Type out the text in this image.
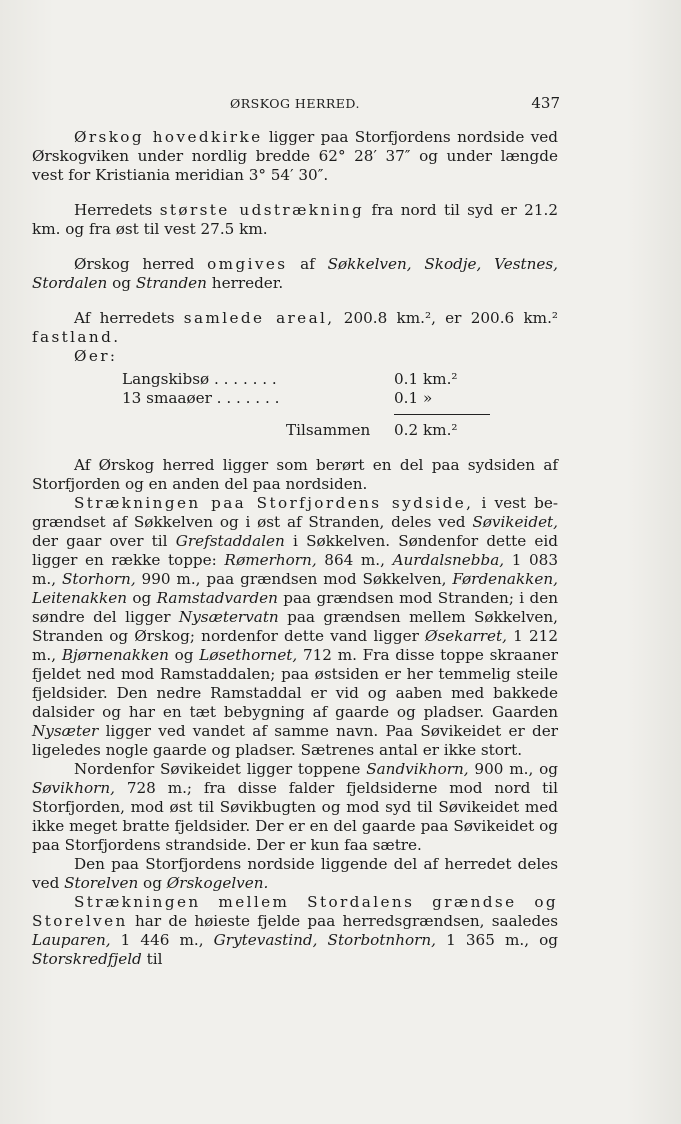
ØRSKOG HERRED.	437

Ørskog hovedkirke ligger paa Storfjordens nordside ved Ørskogviken under nordlig bredde 62° 28′ 37″ og under længde vest for Kristiania meridian 3° 54′ 30″.

Herredets største udstrækning fra nord til syd er 21.2 km. og fra øst til vest 27.5 km.

Ørskog herred omgives af Søkkelven, Skodje, Vestnes, Stordalen og Stranden herreder.

Af herredets samlede areal, 200.8 km.², er 200.6 km.² fastland.

Øer:

Langskibsø . . . . . . .	0.1 km.²
13 smaaøer . . . . . . .	0.1 »
Tilsammen 0.2 km.²

Af Ørskog herred ligger som berørt en del paa sydsiden af Storfjorden og en anden del paa nordsiden.

Strækningen paa Storfjordens sydside, i vest begrændset af Søkkelven og i øst af Stranden, deles ved Søvikeidet, der gaar over til Grefstaddalen i Søkkelven. Søndenfor dette eid ligger en række toppe: Rømerhorn, 864 m., Aurdalsnebba, 1 083 m., Storhorn, 990 m., paa grændsen mod Søkkelven, Førdenakken, Leitenakken og Ramstadvarden paa grændsen mod Stranden; i den søndre del ligger Nysætervatn paa grændsen mellem Søkkelven, Stranden og Ørskog; nordenfor dette vand ligger Øsekarret, 1 212 m., Bjørnenakken og Løsethornet, 712 m. Fra disse toppe skraaner fjeldet ned mod Ramstaddalen; paa østsiden er her temmelig steile fjeldsider. Den nedre Ramstaddal er vid og aaben med bakkede dalsider og har en tæt bebygning af gaarde og pladser. Gaarden Nysæter ligger ved vandet af samme navn. Paa Søvikeidet er der ligeledes nogle gaarde og pladser. Sætrenes antal er ikke stort.

Nordenfor Søvikeidet ligger toppene Sandvikhorn, 900 m., og Søvikhorn, 728 m.; fra disse falder fjeldsiderne mod nord til Storfjorden, mod øst til Søvikbugten og mod syd til Søvikeidet med ikke meget bratte fjeldsider. Der er en del gaarde paa Søvikeidet og paa Storfjordens strandside. Der er kun faa sætre.

Den paa Storfjordens nordside liggende del af herredet deles ved Storelven og Ørskogelven.

Strækningen mellem Stordalens grændse og Storelven har de høieste fjelde paa herredsgrændsen, saaledes Lauparen, 1 446 m., Grytevastind, Storbotnhorn, 1 365 m., og Storskredfjeld til
